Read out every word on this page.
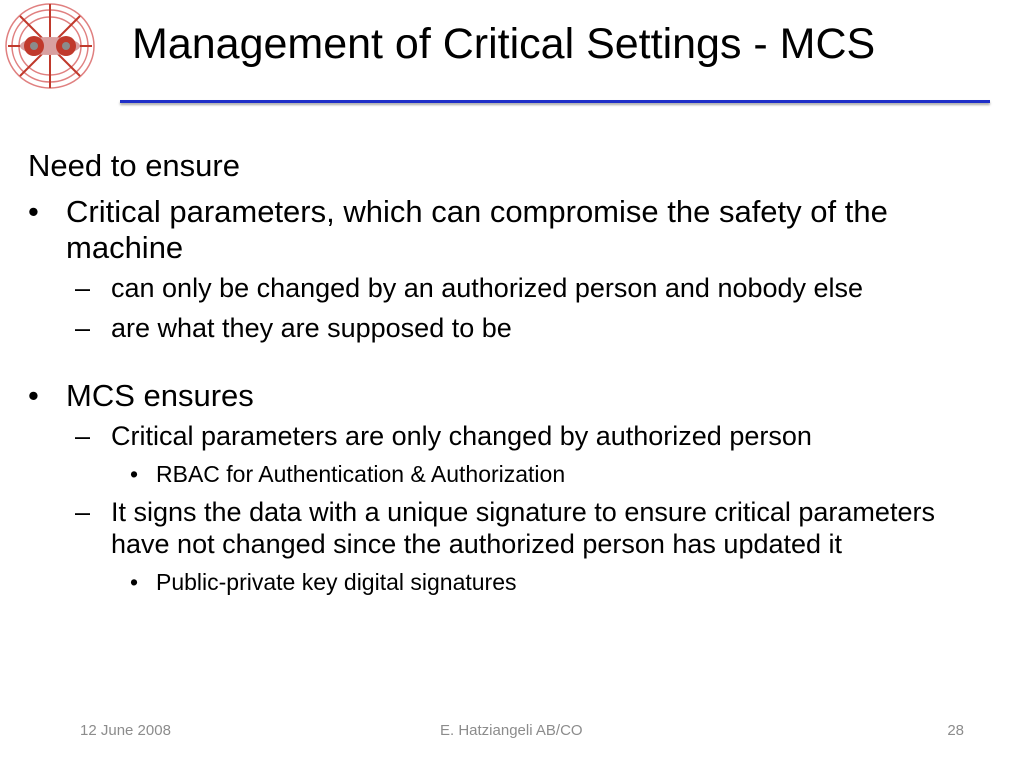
Management of Critical Settings - MCS
Need to ensure
• Critical parameters, which can compromise the safety of the machine
– can only be changed by an authorized person and nobody else
– are what they are supposed to be
• MCS ensures
– Critical parameters are only changed by authorized person
• RBAC for Authentication & Authorization
– It signs the data with a unique signature to ensure critical parameters have not changed since the authorized person has updated it
• Public-private key digital signatures
12 June 2008	E. Hatziangeli AB/CO	28
